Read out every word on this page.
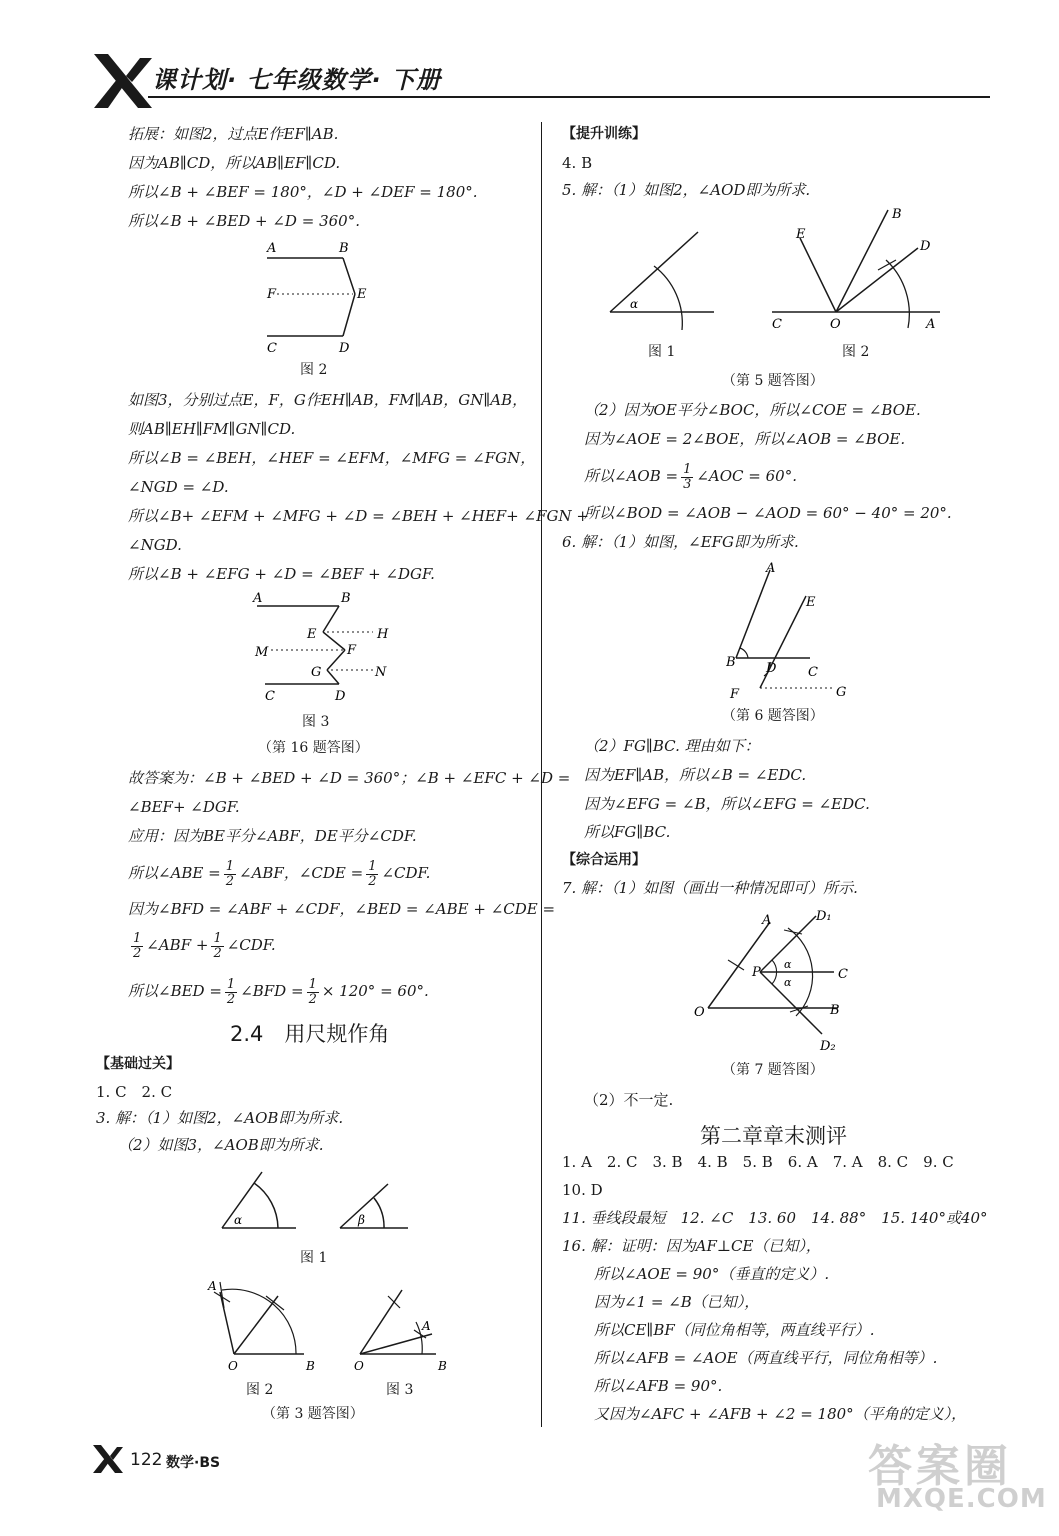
课计划· 七年级数学· 下册
拓展：如图2，过点E作EF∥AB.
因为AB∥CD，所以AB∥EF∥CD.
所以∠B + ∠BEF = 180°，∠D + ∠DEF = 180°.
所以∠B + ∠BED + ∠D = 360°.
A	B
F	E
C	D
图 2
如图3，分别过点E，F，G作EH∥AB，FM∥AB，GN∥AB，
则AB∥EH∥FM∥GN∥CD.
所以∠B = ∠BEH，∠HEF = ∠EFM，∠MFG = ∠FGN，
∠NGD = ∠D.
所以∠B+ ∠EFM + ∠MFG + ∠D = ∠BEH + ∠HEF+ ∠FGN +
∠NGD.
所以∠B + ∠EFG + ∠D = ∠BEF + ∠DGF.
A	B
E	H
M	F
G	N
C	D
图 3
（第 16 题答图）
故答案为：∠B + ∠BED + ∠D = 360°；∠B + ∠EFC + ∠D =
∠BEF+ ∠DGF.
应用：因为BE平分∠ABF，DE平分∠CDF.
所以∠ABE = $\frac{1}{2}$ ∠ABF，∠CDE = $\frac{1}{2}$ ∠CDF.
因为∠BFD = ∠ABF + ∠CDF，∠BED = ∠ABE + ∠CDE =
$\frac{1}{2}$ ∠ABF + $\frac{1}{2}$ ∠CDF.
所以∠BED = $\frac{1}{2}$ ∠BFD = $\frac{1}{2} \times 120^\circ = 60^\circ$.
2.4　用尺规作角
【基础过关】
1. C　2. C
3. 解：（1）如图2，∠AOB即为所求.
（2）如图3，∠AOB即为所求.
α	β
图 1
A
O	B
A
O	B
图 2	图 3
（第 3 题答图）
【提升训练】
4. B
5. 解：（1）如图2，∠AOD即为所求.
α
B
E
D
C	O	A
图 1	图 2
（第 5 题答图）
（2）因为OE平分∠BOC，所以∠COE = ∠BOE.
因为∠AOE = 2∠BOE，所以∠AOB = ∠BOE.
所以∠AOB = $\frac{1}{3}$ ∠AOC = 60°.
所以∠BOD = ∠AOB − ∠AOD = 60° − 40° = 20°.
6. 解：（1）如图，∠EFG即为所求.
A
E
B D C
F	G
（第 6 题答图）
（2）FG∥BC. 理由如下：
因为EF∥AB，所以∠B = ∠EDC.
因为∠EFG = ∠B，所以∠EFG = ∠EDC.
所以FG∥BC.
【综合运用】
7. 解：（1）如图（画出一种情况即可）所示.
A	D₁
P
α
α
C
O	B
D₂
（第 7 题答图）
（2）不一定.
第二章章末测评
1. A　2. C　3. B　4. B　5. B　6. A　7. A　8. C　9. C
10. D
11. 垂线段最短　12. ∠C　13. 60　14. 88°　15. 140°或40°
16. 解：证明：因为AF⊥CE（已知），
所以∠AOE = 90°（垂直的定义）.
因为∠1 = ∠B（已知），
所以CE∥BF（同位角相等，两直线平行）.
所以∠AFB = ∠AOE（两直线平行，同位角相等）.
所以∠AFB = 90°.
又因为∠AFC + ∠AFB + ∠2 = 180°（平角的定义），
122 数学·BS	答案圈
MXQE.COM
